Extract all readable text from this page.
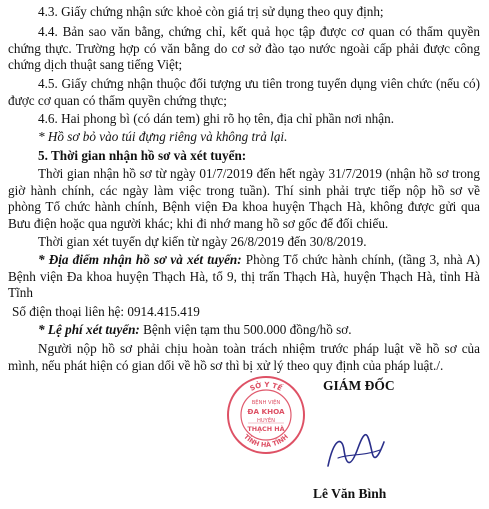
4.3. Giấy chứng nhận sức khoẻ còn giá trị sử dụng theo quy định;

4.4. Bản sao văn bằng, chứng chỉ, kết quả học tập được cơ quan có thẩm quyền chứng thực. Trường hợp có văn bằng do cơ sở đào tạo nước ngoài cấp phải được công chứng dịch thuật sang tiếng Việt;

4.5. Giấy chứng nhận thuộc đối tượng ưu tiên trong tuyển dụng viên chức (nếu có) được cơ quan có thẩm quyền chứng thực;

4.6. Hai phong bì (có dán tem) ghi rõ họ tên, địa chỉ phần nơi nhận.

* Hồ sơ bỏ vào túi đựng riêng và không trả lại.

5. Thời gian nhận hồ sơ và xét tuyển:

Thời gian nhận hồ sơ từ ngày 01/7/2019 đến hết ngày 31/7/2019 (nhận hồ sơ trong giờ hành chính, các ngày làm việc trong tuần). Thí sinh phải trực tiếp nộp hồ sơ về phòng Tổ chức hành chính, Bệnh viện Đa khoa huyện Thạch Hà, không được gửi qua Bưu điện hoặc qua người khác; khi đi nhớ mang hồ sơ gốc để đối chiếu.

Thời gian xét tuyển dự kiến từ ngày 26/8/2019 đến 30/8/2019.

* Địa điểm nhận hồ sơ và xét tuyển: Phòng Tổ chức hành chính, (tầng 3, nhà A) Bệnh viện Đa khoa huyện Thạch Hà, tổ 9, thị trấn Thạch Hà, huyện Thạch Hà, tỉnh Hà Tĩnh

Số điện thoại liên hệ: 0914.415.419

* Lệ phí xét tuyển: Bệnh viện tạm thu 500.000 đồng/hồ sơ.

Người nộp hồ sơ phải chịu hoàn toàn trách nhiệm trước pháp luật về hồ sơ của mình, nếu phát hiện có gian dối về hồ sơ thì bị xử lý theo quy định của pháp luật./.

SỞ Y TẾ
TỈNH HÀ TĨNH
BỆNH VIỆN
ĐA KHOA
HUYỆN
THẠCH HÀ
GIÁM ĐỐC
Lê Văn Bình
